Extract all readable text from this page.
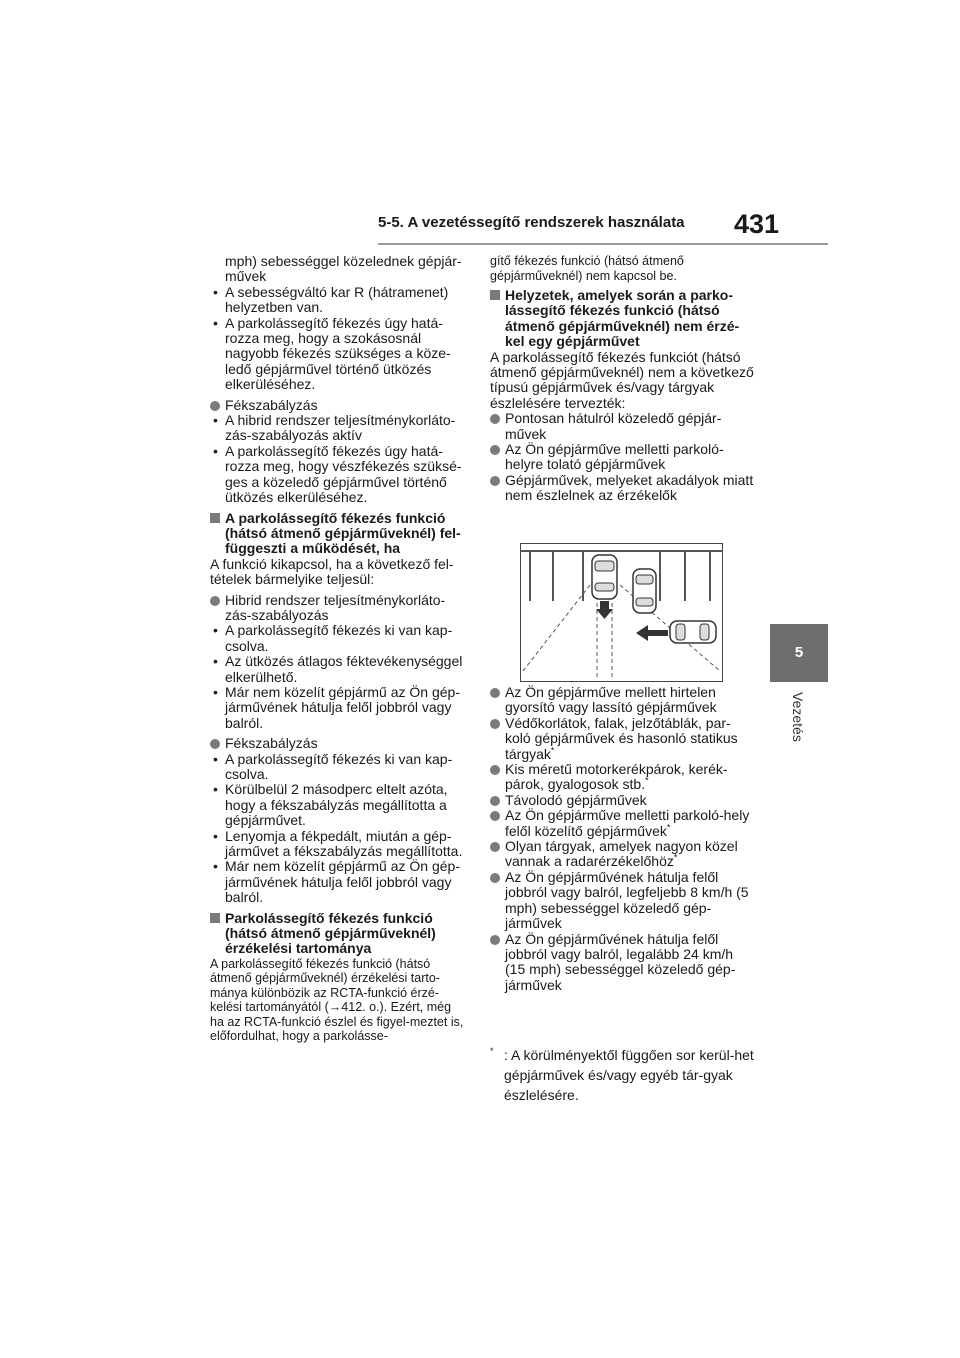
5-5. A vezetéssegítő rendszerek használata 431
5
Vezetés
mph) sebességgel közelednek gépjár-
művek
• A sebességváltó kar R (hátramenet) helyzetben van.
• A parkolássegítő fékezés úgy hatá-rozza meg, hogy a szokásosnál nagyobb fékezés szükséges a köze-ledő gépjárművel történő ütközés elkerüléséhez.
Fékszabályzás
• A hibrid rendszer teljesítménykorláto-zás-szabályozás aktív
• A parkolássegítő fékezés úgy hatá-rozza meg, hogy vészfékezés szüksé-ges a közeledő gépjárművel történő ütközés elkerüléséhez.
A parkolássegítő fékezés funkció (hátsó átmenő gépjárműveknél) fel-függeszti a működését, ha
A funkció kikapcsol, ha a következő fel-tételek bármelyike teljesül:
Hibrid rendszer teljesítménykorláto-zás-szabályozás
• A parkolássegítő fékezés ki van kap-csolva.
• Az ütközés átlagos féktevékenységgel elkerülhető.
• Már nem közelít gépjármű az Ön gép-járművének hátulja felől jobbról vagy balról.
Fékszabályzás
• A parkolássegítő fékezés ki van kap-csolva.
• Körülbelül 2 másodperc eltelt azóta, hogy a fékszabályzás megállította a gépjárművet.
• Lenyomja a fékpedált, miután a gép-járművet a fékszabályzás megállította.
• Már nem közelít gépjármű az Ön gép-járművének hátulja felől jobbról vagy balról.
Parkolássegítő fékezés funkció (hátsó átmenő gépjárműveknél) érzékelési tartománya
A parkolássegítő fékezés funkció (hátsó átmenő gépjárműveknél) érzékelési tarto-mánya különbözik az RCTA-funkció érzé-kelési tartományától (→412. o.). Ezért, még ha az RCTA-funkció észlel és figyel-meztet is, előfordulhat, hogy a parkolásse-
gítő fékezés funkció (hátsó átmenő gépjárműveknél) nem kapcsol be.
Helyzetek, amelyek során a parko-lássegítő fékezés funkció (hátsó átmenő gépjárműveknél) nem érzé-kel egy gépjárművet
A parkolássegítő fékezés funkciót (hátsó átmenő gépjárműveknél) nem a következő típusú gépjárművek és/vagy tárgyak észlelésére tervezték:
Pontosan hátulról közeledő gépjár-művek
Az Ön gépjárműve melletti parkoló-helyre tolató gépjárművek
Gépjárművek, melyeket akadályok miatt nem észlelnek az érzékelők
Az Ön gépjárműve mellett hirtelen gyorsító vagy lassító gépjárművek
Védőkorlátok, falak, jelzőtáblák, par-koló gépjárművek és hasonló statikus tárgyak*
Kis méretű motorkerékpárok, kerék-párok, gyalogosok stb.*
Távolodó gépjárművek
Az Ön gépjárműve melletti parkoló-hely felől közelítő gépjárművek*
Olyan tárgyak, amelyek nagyon közel vannak a radarérzékelőhöz*
Az Ön gépjárművének hátulja felől jobbról vagy balról, legfeljebb 8 km/h (5 mph) sebességgel közeledő gép-járművek
Az Ön gépjárművének hátulja felől jobbról vagy balról, legalább 24 km/h (15 mph) sebességgel közeledő gép-járművek
* : A körülményektől függően sor kerül-het gépjárművek és/vagy egyéb tár-gyak észlelésére.
